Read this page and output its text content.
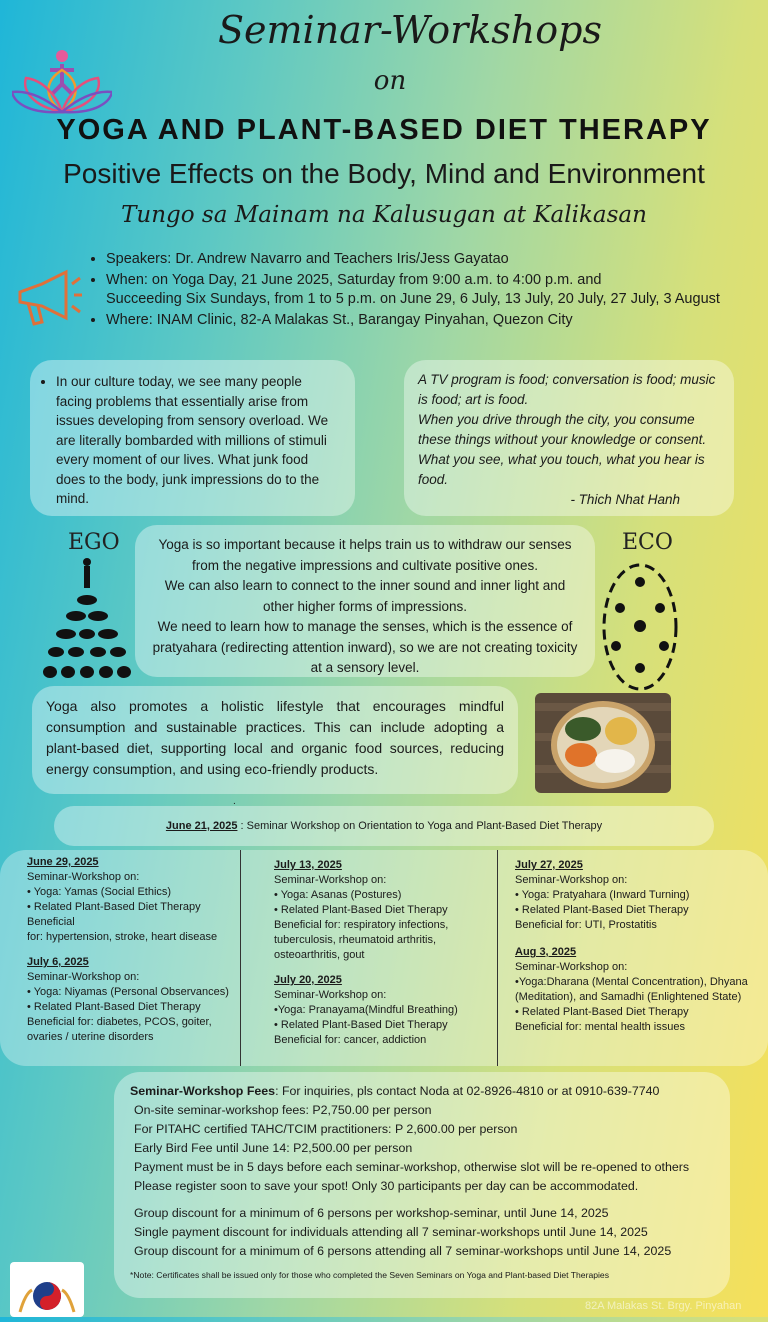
Seminar-Workshops
on
YOGA AND PLANT-BASED DIET THERAPY
Positive Effects on the Body, Mind and Environment
Tungo sa Mainam na Kalusugan at Kalikasan
• Speakers: Dr. Andrew Navarro and Teachers Iris/Jess Gayatao
• When: on Yoga Day, 21 June 2025, Saturday from 9:00 a.m. to 4:00 p.m. and
Succeeding Six Sundays, from 1 to 5 p.m. on June 29, 6 July, 13 July, 20 July, 27 July, 3 August
• Where: INAM Clinic, 82-A Malakas St., Barangay Pinyahan, Quezon City
• In our culture today, we see many people facing problems that essentially arise from issues developing from sensory overload. We are literally bombarded with millions of stimuli every moment of our lives. What junk food does to the body, junk impressions do to the mind.
A TV program is food; conversation is food; music is food; art is food.
When you drive through the city, you consume these things without your knowledge or consent.
What you see, what you touch, what you hear is food.
- Thich Nhat Hanh
EGO	Yoga is so important because it helps train us to withdraw our senses from the negative impressions and cultivate positive ones.
We can also learn to connect to the inner sound and inner light and other higher forms of impressions.
We need to learn how to manage the senses, which is the essence of pratyahara (redirecting attention inward), so we are not creating toxicity at a sensory level.
ECO
Yoga also promotes a holistic lifestyle that encourages mindful consumption and sustainable practices. This can include adopting a plant-based diet, supporting local and organic food sources, reducing energy consumption, and using eco-friendly products.
.
June 21, 2025 : Seminar Workshop on Orientation to Yoga and Plant-Based Diet Therapy
June 29, 2025
Seminar-Workshop on:
• Yoga: Yamas (Social Ethics)
• Related Plant-Based Diet Therapy
Beneficial
for: hypertension, stroke, heart disease
July 6, 2025
Seminar-Workshop on:
• Yoga: Niyamas (Personal Observances)
• Related Plant-Based Diet Therapy
Beneficial for: diabetes, PCOS, goiter,
ovaries / uterine disorders
July 13, 2025
Seminar-Workshop on:
• Yoga: Asanas (Postures)
• Related Plant-Based Diet Therapy
Beneficial for: respiratory infections,
tuberculosis, rheumatoid arthritis,
osteoarthritis, gout
July 20, 2025
Seminar-Workshop on:
•Yoga: Pranayama(Mindful Breathing)
• Related Plant-Based Diet Therapy
Beneficial for: cancer, addiction
July 27, 2025
Seminar-Workshop on:
• Yoga: Pratyahara (Inward Turning)
• Related Plant-Based Diet Therapy
Beneficial for: UTI, Prostatitis
Aug 3, 2025
Seminar-Workshop on:
•Yoga:Dharana (Mental Concentration), Dhyana
(Meditation), and Samadhi (Enlightened State)
• Related Plant-Based Diet Therapy
Beneficial for: mental health issues
Seminar-Workshop Fees: For inquiries, pls contact Noda at 02-8926-4810 or at 0910-639-7740
On-site seminar-workshop fees: P2,750.00 per person
For PITAHC certified TAHC/TCIM practitioners: P 2,600.00 per person
Early Bird Fee until June 14: P2,500.00 per person
Payment must be in 5 days before each seminar-workshop, otherwise slot will be re-opened to others
Please register soon to save your spot! Only 30 participants per day can be accommodated.
Group discount for a minimum of 6 persons per workshop-seminar, until June 14, 2025
Single payment discount for individuals attending all 7 seminar-workshops until June 14, 2025
Group discount for a minimum of 6 persons attending all 7 seminar-workshops until June 14, 2025
*Note: Certificates shall be issued only for those who completed the Seven Seminars on Yoga and Plant-based Diet Therapies
82A Malakas St. Brgy. Pinyahan
